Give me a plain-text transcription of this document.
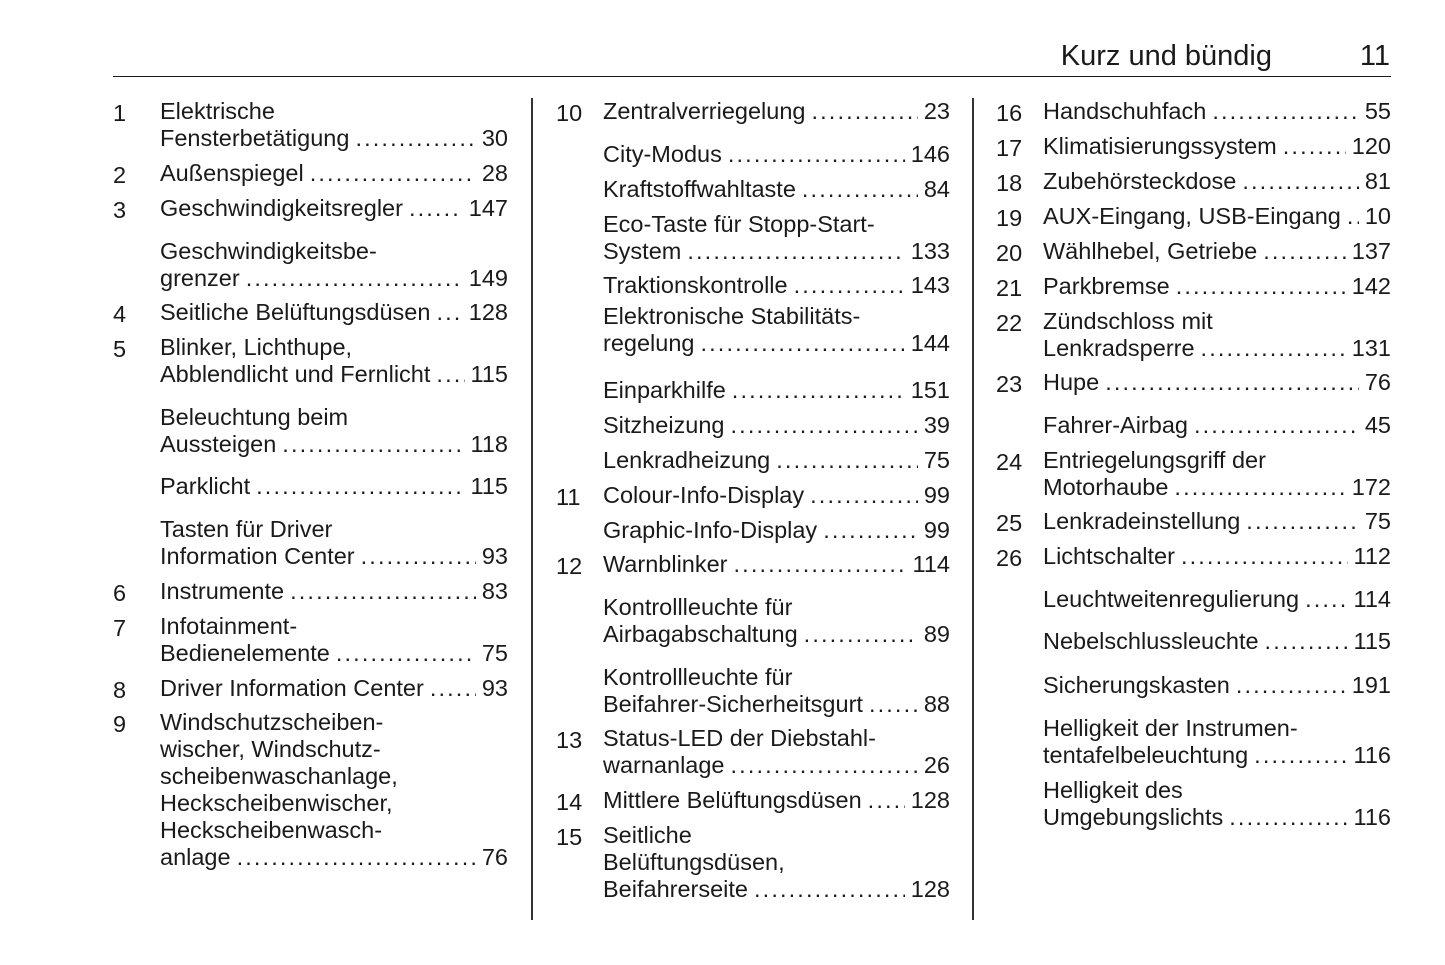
Kurz und bündig	11
1 Elektrische
Fensterbetätigung . . .	30
2 Außenspiegel . . .	28
3 Geschwindigkeitsregler . . .	147
Geschwindigkeitsbe-
grenzer . . .	149
4 Seitliche Belüftungsdüsen . . . 128
5 Blinker, Lichthupe,
Abblendlicht und Fernlicht . . . 115
Beleuchtung beim
Aussteigen . . .	118
Parklicht . . .	115
Tasten für Driver
Information Center . . .	93
6 Instrumente . . .	83
7 Infotainment-
Bedienelemente . . .	75
8 Driver Information Center . . . 93
9 Windschutzscheiben-
wischer, Windschutz-
scheibenwaschanlage,
Heckscheibenwischer,
Heckscheibenwasch-
anlage . . .	76
10 Zentralverriegelung . . .	23
City-Modus . . .	146
Kraftstoffwahltaste . . .	84
Eco-Taste für Stopp-Start-
System . . .	133
Traktionskontrolle . . .	143
Elektronische Stabilitäts-
regelung . . .	144
Einparkhilfe . . .	151
Sitzheizung . . .	39
Lenkradheizung . . .	75
11 Colour-Info-Display . . .	99
Graphic-Info-Display . . .	99
12 Warnblinker . . .	114
Kontrollleuchte für
Airbagabschaltung . . .	89
Kontrollleuchte für
Beifahrer-Sicherheitsgurt . . .	88
13 Status-LED der Diebstahl-
warnanlage . . .	26
14 Mittlere Belüftungsdüsen . . . 128
15 Seitliche
Belüftungsdüsen,
Beifahrerseite . . .	128
16 Handschuhfach . . .	55
17 Klimatisierungssystem . . .	120
18 Zubehörsteckdose . . .	81
19 AUX-Eingang, USB-Eingang . . . 10
20 Wählhebel, Getriebe . . .	137
21 Parkbremse . . .	142
22 Zündschloss mit
Lenkradsperre . . .	131
23 Hupe . . .	76
Fahrer-Airbag . . .	45
24 Entriegelungsgriff der
Motorhaube . . .	172
25 Lenkradeinstellung . . .	75
26 Lichtschalter . . .	112
Leuchtweitenregulierung . . . 114
Nebelschlussleuchte . . .	115
Sicherungskasten . . .	191
Helligkeit der Instrumen-
tentafelbeleuchtung . . .	116
Helligkeit des
Umgebungslichts . . .	116
